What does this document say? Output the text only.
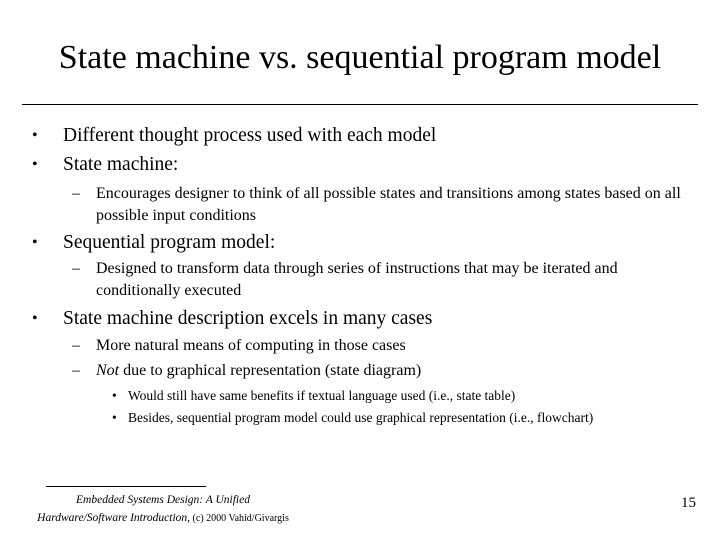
State machine vs. sequential program model
• Different thought process used with each model
• State machine:
– Encourages designer to think of all possible states and transitions among states based on all possible input conditions
• Sequential program model:
– Designed to transform data through series of instructions that may be iterated and conditionally executed
• State machine description excels in many cases
– More natural means of computing in those cases
– Not due to graphical representation (state diagram)
• Would still have same benefits if textual language used (i.e., state table)
• Besides, sequential program model could use graphical representation (i.e., flowchart)
Embedded Systems Design: A Unified
Hardware/Software Introduction, (c) 2000 Vahid/Givargis
15
